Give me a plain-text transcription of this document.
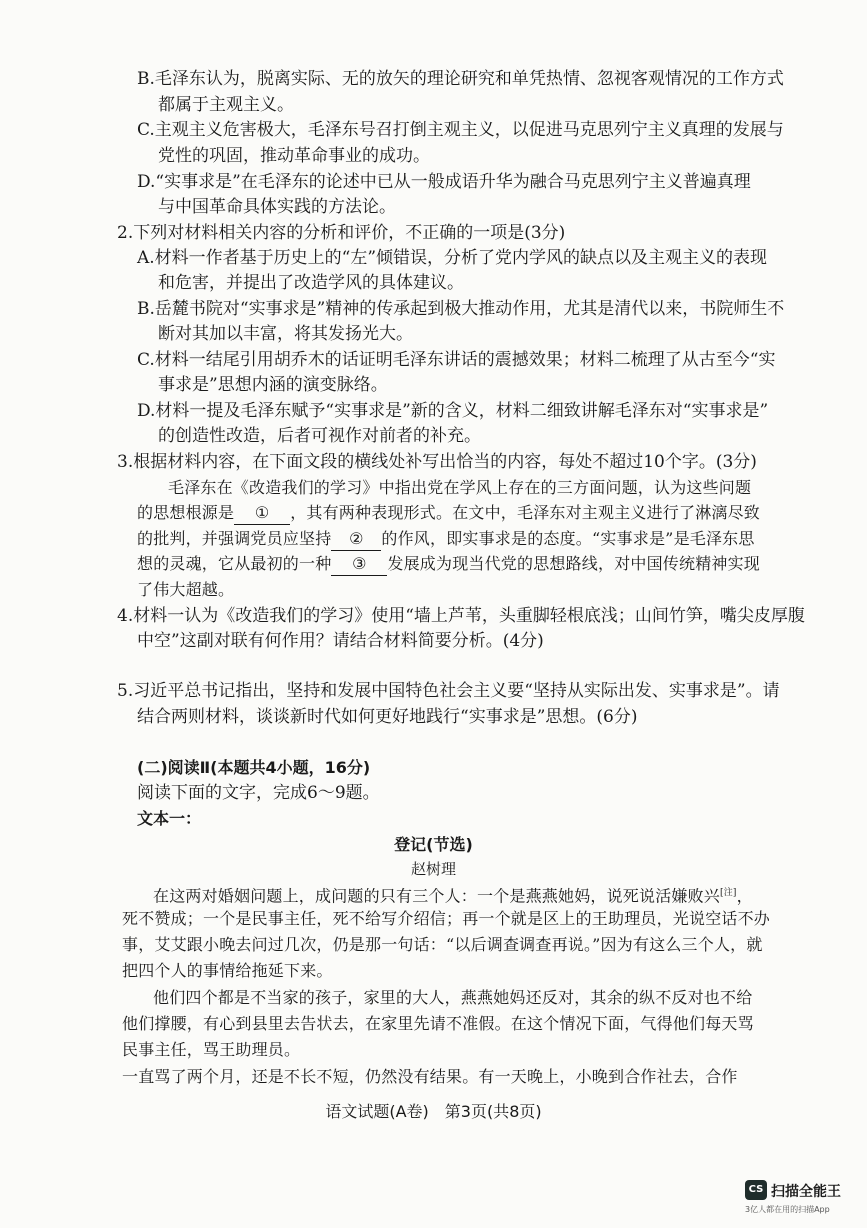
B.毛泽东认为，脱离实际、无的放矢的理论研究和单凭热情、忽视客观情况的工作方式
都属于主观主义。
C.主观主义危害极大，毛泽东号召打倒主观主义，以促进马克思列宁主义真理的发展与
党性的巩固，推动革命事业的成功。
D.“实事求是”在毛泽东的论述中已从一般成语升华为融合马克思列宁主义普遍真理
与中国革命具体实践的方法论。
2.下列对材料相关内容的分析和评价，不正确的一项是(3分)
A.材料一作者基于历史上的“左”倾错误，分析了党内学风的缺点以及主观主义的表现
和危害，并提出了改造学风的具体建议。
B.岳麓书院对“实事求是”精神的传承起到极大推动作用，尤其是清代以来，书院师生不
断对其加以丰富，将其发扬光大。
C.材料一结尾引用胡乔木的话证明毛泽东讲话的震撼效果；材料二梳理了从古至今“实
事求是”思想内涵的演变脉络。
D.材料一提及毛泽东赋予“实事求是”新的含义，材料二细致讲解毛泽东对“实事求是”
的创造性改造，后者可视作对前者的补充。
3.根据材料内容，在下面文段的横线处补写出恰当的内容，每处不超过10个字。(3分)
毛泽东在《改造我们的学习》中指出党在学风上存在的三方面问题，认为这些问题
的思想根源是 ① ，其有两种表现形式。在文中，毛泽东对主观主义进行了淋漓尽致
的批判，并强调党员应坚持 ② 的作风，即实事求是的态度。“实事求是”是毛泽东思
想的灵魂，它从最初的一种 ③ 发展成为现当代党的思想路线，对中国传统精神实现
了伟大超越。
4.材料一认为《改造我们的学习》使用“墙上芦苇，头重脚轻根底浅；山间竹笋，嘴尖皮厚腹
中空”这副对联有何作用？请结合材料简要分析。(4分)
5.习近平总书记指出，坚持和发展中国特色社会主义要“坚持从实际出发、实事求是”。请
结合两则材料，谈谈新时代如何更好地践行“实事求是”思想。(6分)
(二)阅读Ⅱ(本题共4小题，16分)
阅读下面的文字，完成6～9题。
文本一：
登记(节选)
赵树理
在这两对婚姻问题上，成问题的只有三个人：一个是燕燕她妈，说死说活嫌败兴[注]，
死不赞成；一个是民事主任，死不给写介绍信；再一个就是区上的王助理员，光说空话不办
事，艾艾跟小晚去问过几次，仍是那一句话：“以后调查调查再说。”因为有这么三个人，就
把四个人的事情给拖延下来。
他们四个都是不当家的孩子，家里的大人，燕燕她妈还反对，其余的纵不反对也不给
他们撑腰，有心到县里去告状去，在家里先请不准假。在这个情况下面，气得他们每天骂
民事主任，骂王助理员。
一直骂了两个月，还是不长不短，仍然没有结果。有一天晚上，小晚到合作社去，合作
语文试题(A卷)　第3页(共8页)
CS 扫描全能王
3亿人都在用的扫描App
